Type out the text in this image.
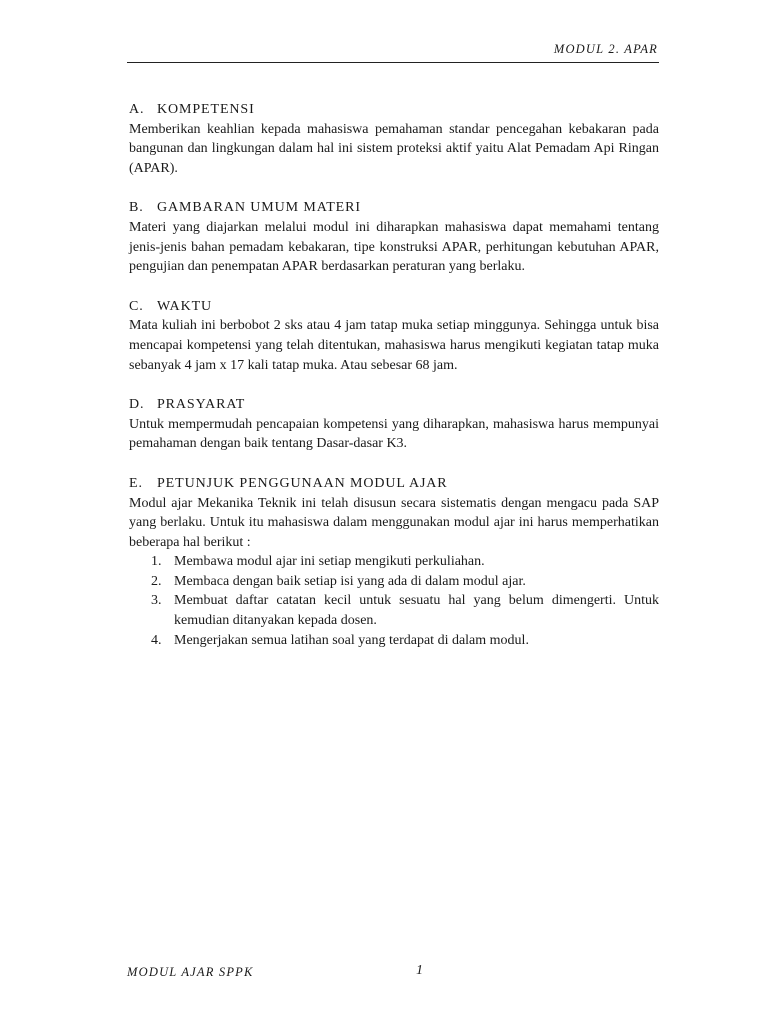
MODUL 2. APAR
A. KOMPETENSI

Memberikan keahlian kepada mahasiswa pemahaman standar pencegahan kebakaran pada bangunan dan lingkungan dalam hal ini sistem proteksi aktif yaitu Alat Pemadam Api Ringan (APAR).

B. GAMBARAN UMUM MATERI

Materi yang diajarkan melalui modul ini diharapkan mahasiswa dapat memahami tentang jenis-jenis bahan pemadam kebakaran, tipe konstruksi APAR, perhitungan kebutuhan APAR, pengujian dan penempatan APAR berdasarkan peraturan yang berlaku.

C. WAKTU

Mata kuliah ini berbobot 2 sks atau 4 jam tatap muka setiap minggunya. Sehingga untuk bisa mencapai kompetensi yang telah ditentukan, mahasiswa harus mengikuti kegiatan tatap muka sebanyak 4 jam x 17 kali tatap muka. Atau sebesar 68 jam.

D. PRASYARAT

Untuk mempermudah pencapaian kompetensi yang diharapkan, mahasiswa harus mempunyai pemahaman dengan baik tentang Dasar-dasar K3.

E. PETUNJUK PENGGUNAAN MODUL AJAR

Modul ajar Mekanika Teknik ini telah disusun secara sistematis dengan mengacu pada SAP yang berlaku. Untuk itu mahasiswa dalam menggunakan modul ajar ini harus memperhatikan beberapa hal berikut :

1. Membawa modul ajar ini setiap mengikuti perkuliahan.
2. Membaca dengan baik setiap isi yang ada di dalam modul ajar.
3. Membuat daftar catatan kecil untuk sesuatu hal yang belum dimengerti. Untuk kemudian ditanyakan kepada dosen.
4. Mengerjakan semua latihan soal yang terdapat di dalam modul.
MODUL AJAR SPPK	1
